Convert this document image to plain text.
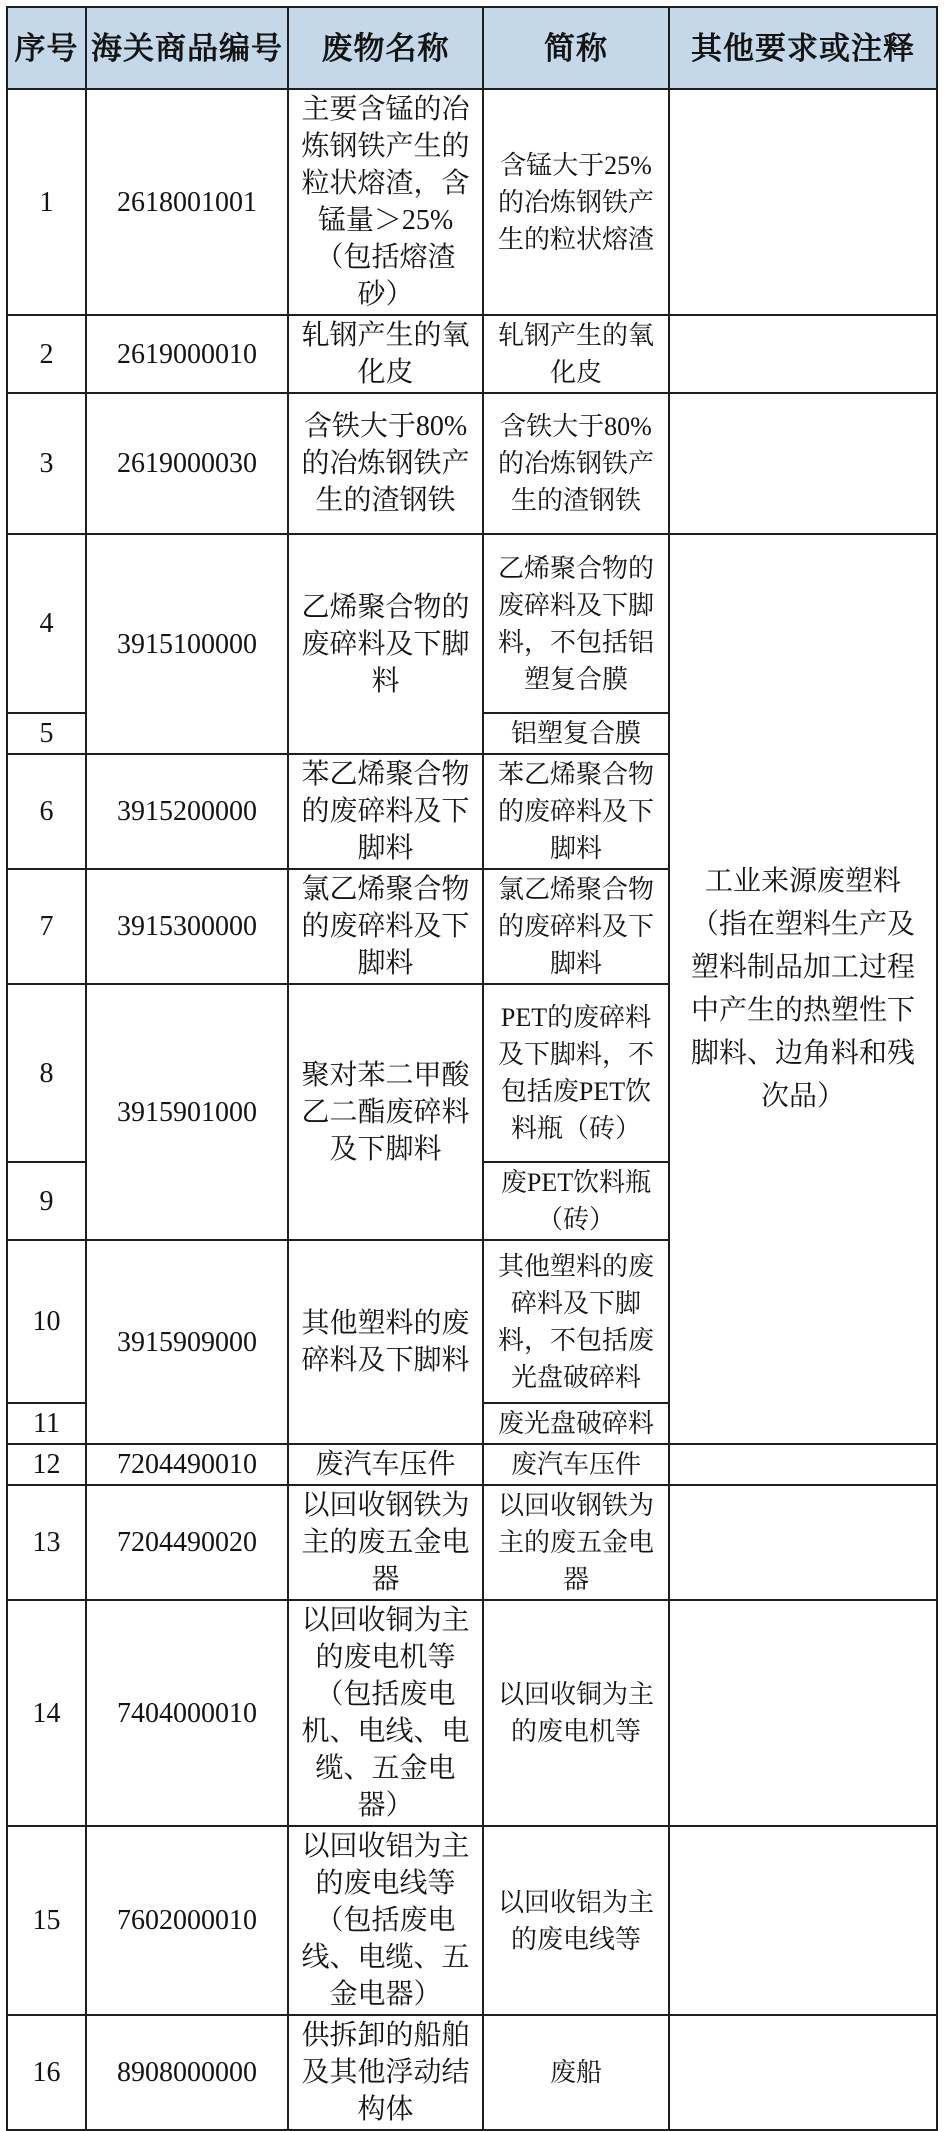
序号	海关商品编号	废物名称	简称	其他要求或注释
1	2618001001	主要含锰的冶炼钢铁产生的粒状熔渣，含锰量＞25%（包括熔渣砂）	含锰大于25%的冶炼钢铁产生的粒状熔渣	
2	2619000010	轧钢产生的氧化皮	轧钢产生的氧化皮	
3	2619000030	含铁大于80%的冶炼钢铁产生的渣钢铁	含铁大于80%的冶炼钢铁产生的渣钢铁	
4	3915100000	乙烯聚合物的废碎料及下脚料	乙烯聚合物的废碎料及下脚料，不包括铝塑复合膜	工业来源废塑料（指在塑料生产及塑料制品加工过程中产生的热塑性下脚料、边角料和残次品）
5			铝塑复合膜	
6	3915200000	苯乙烯聚合物的废碎料及下脚料	苯乙烯聚合物的废碎料及下脚料	
7	3915300000	氯乙烯聚合物的废碎料及下脚料	氯乙烯聚合物的废碎料及下脚料	
8	3915901000	聚对苯二甲酸乙二酯废碎料及下脚料	PET的废碎料及下脚料，不包括废PET饮料瓶（砖）	
9			废PET饮料瓶（砖）	
10	3915909000	其他塑料的废碎料及下脚料	其他塑料的废碎料及下脚料，不包括废光盘破碎料	
11			废光盘破碎料	
12	7204490010	废汽车压件	废汽车压件	
13	7204490020	以回收钢铁为主的废五金电器	以回收钢铁为主的废五金电器	
14	7404000010	以回收铜为主的废电机等（包括废电机、电线、电缆、五金电器）	以回收铜为主的废电机等	
15	7602000010	以回收铝为主的废电线等（包括废电线、电缆、五金电器）	以回收铝为主的废电线等	
16	8908000000	供拆卸的船舶及其他浮动结构体	废船	
